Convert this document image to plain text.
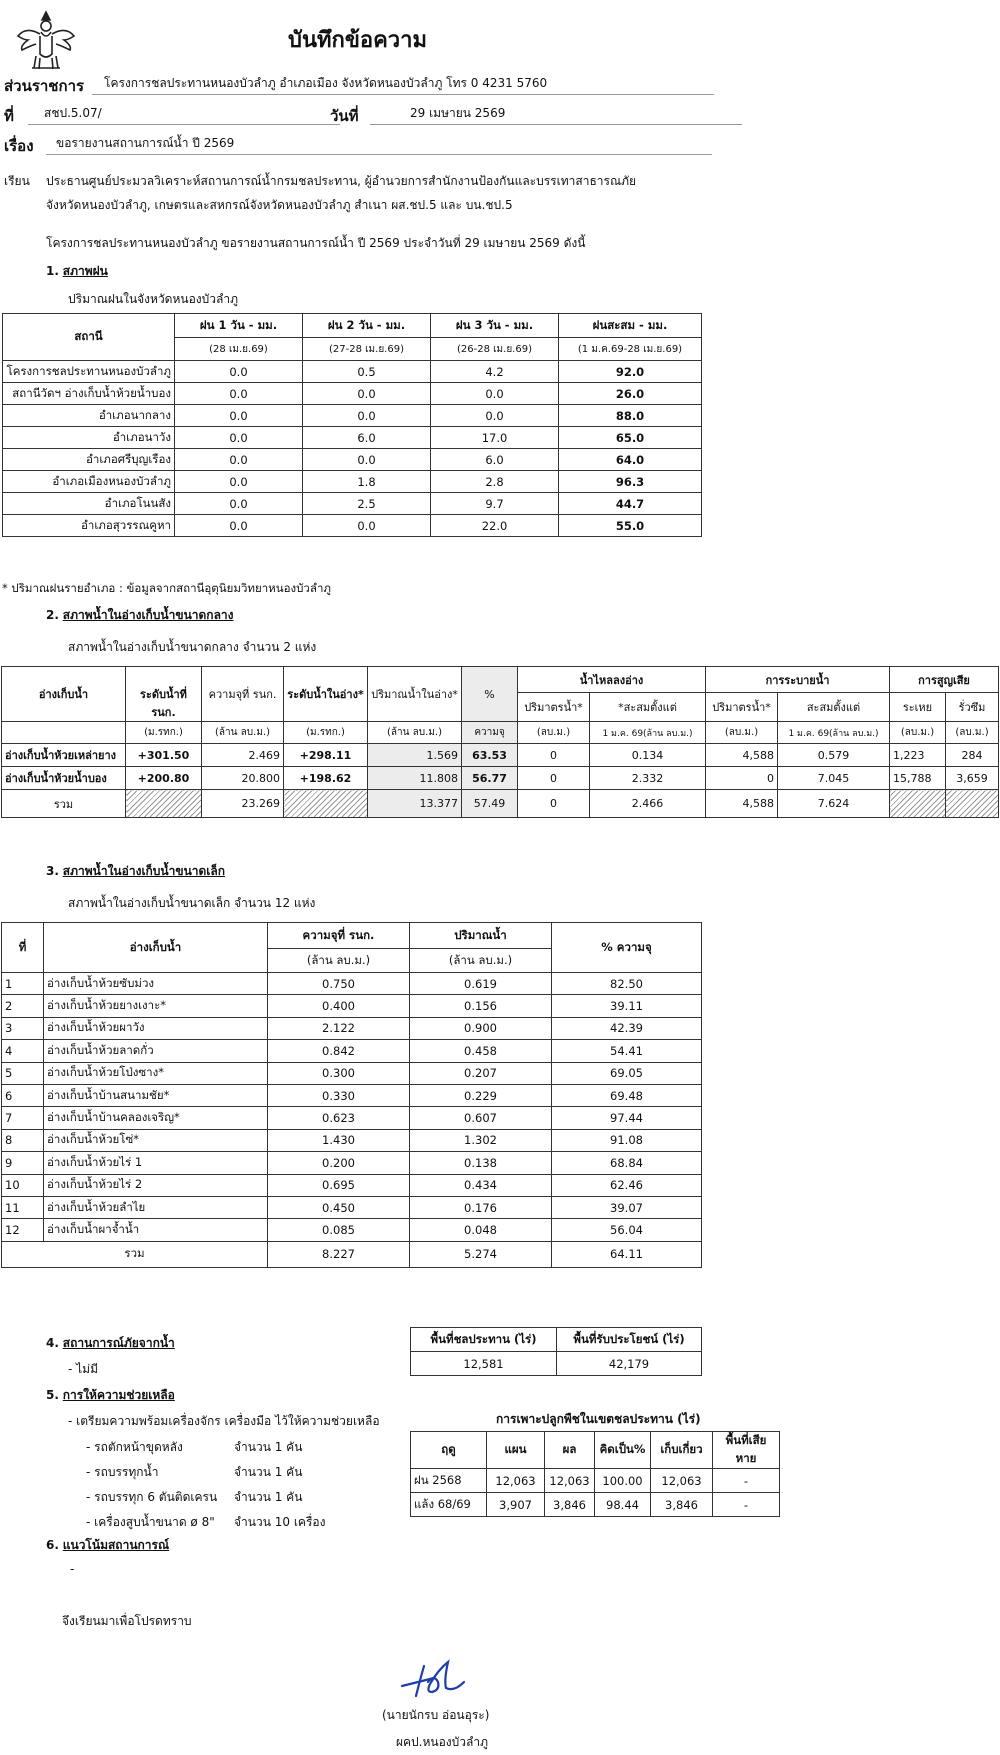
บันทึกข้อความ
ส่วนราชการ	โครงการชลประทานหนองบัวลำภู อำเภอเมือง จังหวัดหนองบัวลำภู โทร 0 4231 5760
ที่	สชป.5.07/	วันที่	29 เมษายน 2569
เรื่อง	ขอรายงานสถานการณ์น้ำ ปี 2569
เรียน ประธานศูนย์ประมวลวิเคราะห์สถานการณ์น้ำกรมชลประทาน, ผู้อำนวยการสำนักงานป้องกันและบรรเทาสาธารณภัย
จังหวัดหนองบัวลำภู, เกษตรและสหกรณ์จังหวัดหนองบัวลำภู สำเนา ผส.ชป.5 และ บน.ชป.5
โครงการชลประทานหนองบัวลำภู ขอรายงานสถานการณ์น้ำ ปี 2569 ประจำวันที่ 29 เมษายน 2569 ดังนี้
1. สภาพฝน
ปริมาณฝนในจังหวัดหนองบัวลำภู
สถานี	ฝน 1 วัน - มม.	ฝน 2 วัน - มม.	ฝน 3 วัน - มม.	ฝนสะสม - มม.
	(28 เม.ย.69)	(27-28 เม.ย.69)	(26-28 เม.ย.69)	(1 ม.ค.69-28 เม.ย.69)
โครงการชลประทานหนองบัวลำภู	0.0	0.5	4.2	92.0
สถานีวัดฯ อ่างเก็บน้ำห้วยน้ำบอง	0.0	0.0	0.0	26.0
อำเภอนากลาง	0.0	0.0	0.0	88.0
อำเภอนาวัง	0.0	6.0	17.0	65.0
อำเภอศรีบุญเรือง	0.0	0.0	6.0	64.0
อำเภอเมืองหนองบัวลำภู	0.0	1.8	2.8	96.3
อำเภอโนนสัง	0.0	2.5	9.7	44.7
อำเภอสุวรรณคูหา	0.0	0.0	22.0	55.0
* ปริมาณฝนรายอำเภอ : ข้อมูลจากสถานีอุตุนิยมวิทยาหนองบัวลำภู
2. สภาพน้ำในอ่างเก็บน้ำขนาดกลาง
สภาพน้ำในอ่างเก็บน้ำขนาดกลาง จำนวน 2 แห่ง
อ่างเก็บน้ำ	ระดับน้ำที่ รนก.	ความจุที่ รนก.	ระดับน้ำในอ่าง*	ปริมาณน้ำในอ่าง*	%	น้ำไหลลงอ่าง		การระบายน้ำ		การสูญเสีย	
						ปริมาตรน้ำ*	*สะสมตั้งแต่	ปริมาตรน้ำ*	สะสมตั้งแต่	ระเหย	รั่วซึม
	(ม.รทก.)	(ล้าน ลบ.ม.)	(ม.รทก.)	(ล้าน ลบ.ม.)	ความจุ	(ลบ.ม.)	1 ม.ค. 69(ล้าน ลบ.ม.)	(ลบ.ม.)	1 ม.ค. 69(ล้าน ลบ.ม.)	(ลบ.ม.)	(ลบ.ม.)
อ่างเก็บน้ำห้วยเหล่ายาง	+301.50	2.469	+298.11	1.569	63.53	0	0.134	4,588	0.579	1,223	284
อ่างเก็บน้ำห้วยน้ำบอง	+200.80	20.800	+198.62	11.808	56.77	0	2.332	0	7.045	15,788	3,659
รวม		23.269		13.377	57.49	0	2.466	4,588	7.624		
3. สภาพน้ำในอ่างเก็บน้ำขนาดเล็ก
สภาพน้ำในอ่างเก็บน้ำขนาดเล็ก จำนวน 12 แห่ง
ที่	อ่างเก็บน้ำ	ความจุที่ รนก.	ปริมาณน้ำ	% ความจุ
		(ล้าน ลบ.ม.)	(ล้าน ลบ.ม.)	
1	อ่างเก็บน้ำห้วยซับม่วง	0.750	0.619	82.50
2	อ่างเก็บน้ำห้วยยางเงาะ*	0.400	0.156	39.11
3	อ่างเก็บน้ำห้วยผาวัง	2.122	0.900	42.39
4	อ่างเก็บน้ำห้วยลาดกั่ว	0.842	0.458	54.41
5	อ่างเก็บน้ำห้วยโป่งซาง*	0.300	0.207	69.05
6	อ่างเก็บน้ำบ้านสนามชัย*	0.330	0.229	69.48
7	อ่างเก็บน้ำบ้านคลองเจริญ*	0.623	0.607	97.44
8	อ่างเก็บน้ำห้วยโซ่*	1.430	1.302	91.08
9	อ่างเก็บน้ำห้วยไร่ 1	0.200	0.138	68.84
10	อ่างเก็บน้ำห้วยไร่ 2	0.695	0.434	62.46
11	อ่างเก็บน้ำห้วยลำไย	0.450	0.176	39.07
12	อ่างเก็บน้ำผาจ้ำน้ำ	0.085	0.048	56.04
รวม		8.227	5.274	64.11
4. สถานการณ์ภัยจากน้ำ
- ไม่มี
พื้นที่ชลประทาน (ไร่)	พื้นที่รับประโยชน์ (ไร่)
12,581	42,179
5. การให้ความช่วยเหลือ
- เตรียมความพร้อมเครื่องจักร เครื่องมือ ไว้ให้ความช่วยเหลือ
- รถตักหน้าขุดหลัง	จำนวน 1 คัน
- รถบรรทุกน้ำ	จำนวน 1 คัน
- รถบรรทุก 6 ตันติดเครน จำนวน 1 คัน
- เครื่องสูบน้ำขนาด ø 8" จำนวน 10 เครื่อง
การเพาะปลูกพืชในเขตชลประทาน (ไร่)
ฤดู	แผน	ผล	คิดเป็น%	เก็บเกี่ยว	พื้นที่เสียหาย
ฝน 2568	12,063	12,063	100.00	12,063	-
แล้ง 68/69	3,907	3,846	98.44	3,846	-
6. แนวโน้มสถานการณ์
-
จึงเรียนมาเพื่อโปรดทราบ
(นายนักรบ อ่อนอุระ)
ผคป.หนองบัวลำภู
